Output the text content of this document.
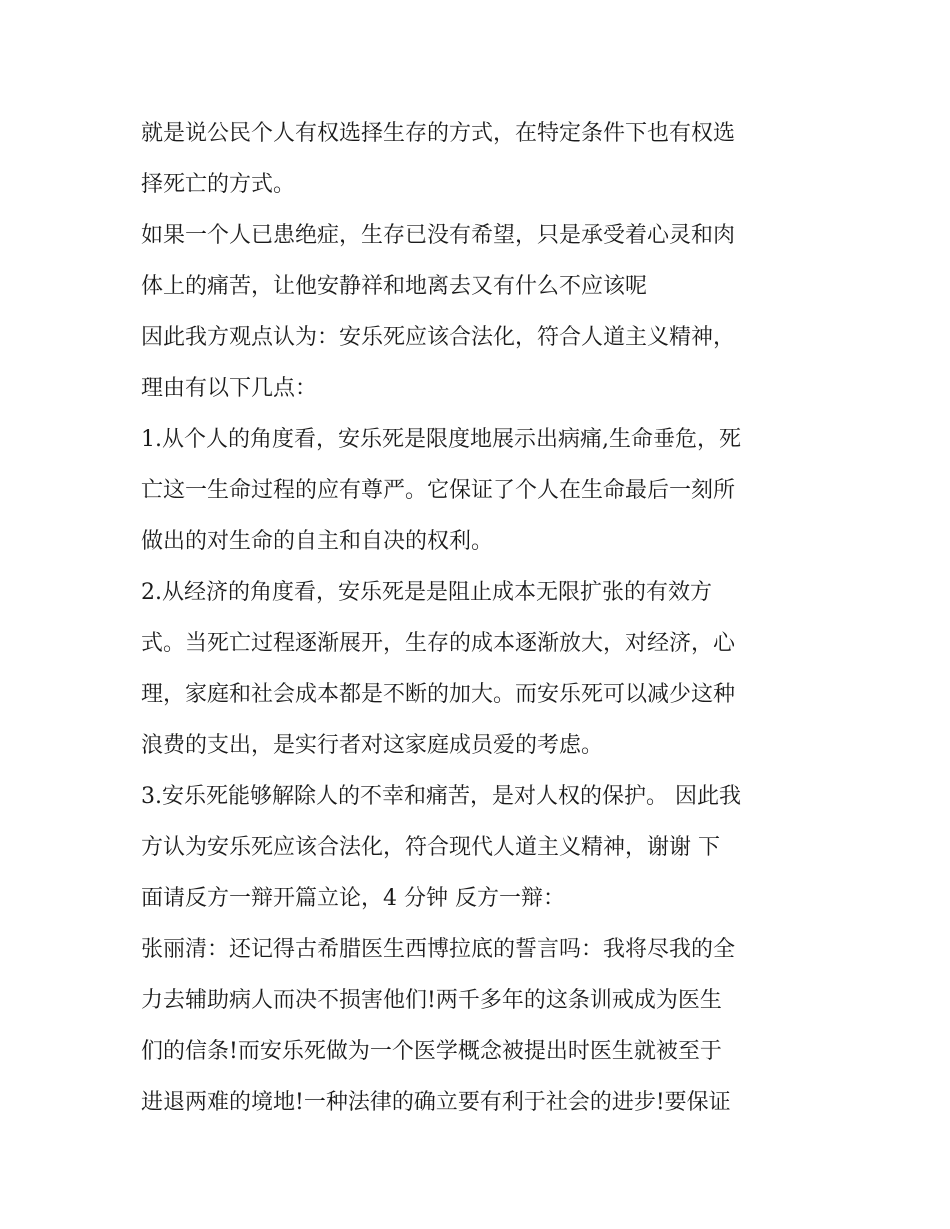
就是说公民个人有权选择生存的方式，在特定条件下也有权选
择死亡的方式。
如果一个人已患绝症，生存已没有希望，只是承受着心灵和肉
体上的痛苦，让他安静祥和地离去又有什么不应该呢
因此我方观点认为：安乐死应该合法化，符合人道主义精神，
理由有以下几点：
1.从个人的角度看，安乐死是限度地展示出病痛,生命垂危，死
亡这一生命过程的应有尊严。它保证了个人在生命最后一刻所
做出的对生命的自主和自决的权利。
2.从经济的角度看，安乐死是是阻止成本无限扩张的有效方
式。当死亡过程逐渐展开，生存的成本逐渐放大，对经济，心
理，家庭和社会成本都是不断的加大。而安乐死可以减少这种
浪费的支出，是实行者对这家庭成员爱的考虑。
3.安乐死能够解除人的不幸和痛苦，是对人权的保护。 因此我
方认为安乐死应该合法化，符合现代人道主义精神，谢谢 下
面请反方一辩开篇立论，4 分钟 反方一辩：
张丽清：还记得古希腊医生西博拉底的誓言吗：我将尽我的全
力去辅助病人而决不损害他们!两千多年的这条训戒成为医生
们的信条!而安乐死做为一个医学概念被提出时医生就被至于
进退两难的境地!一种法律的确立要有利于社会的进步!要保证
